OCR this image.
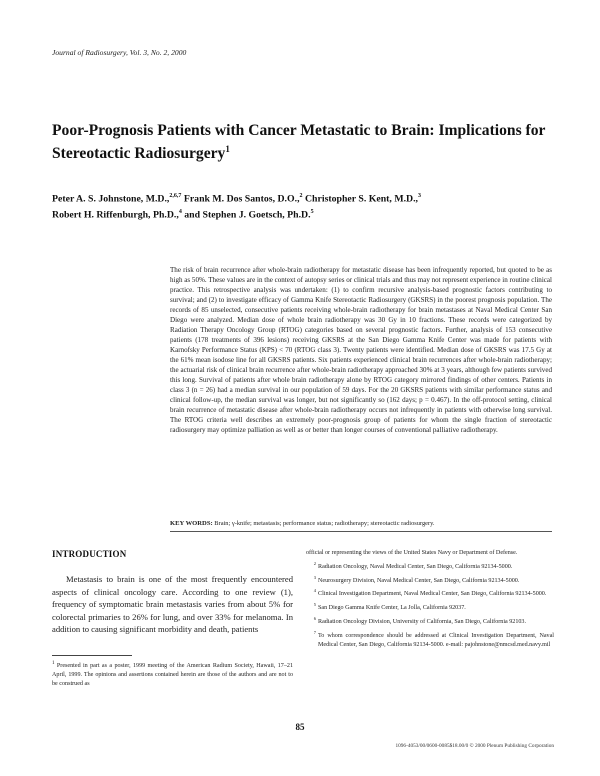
Journal of Radiosurgery, Vol. 3, No. 2, 2000
Poor-Prognosis Patients with Cancer Metastatic to Brain: Implications for Stereotactic Radiosurgery$^1$
Peter A. S. Johnstone, M.D.,$^{2,6,7}$ Frank M. Dos Santos, D.O.,$^2$ Christopher S. Kent, M.D.,$^3$
Robert H. Riffenburgh, Ph.D.,$^4$ and Stephen J. Goetsch, Ph.D.$^5$
The risk of brain recurrence after whole-brain radiotherapy for metastatic disease has been infrequently reported, but quoted to be as high as 50%. These values are in the context of autopsy series or clinical trials and thus may not represent experience in routine clinical practice. This retrospective analysis was undertaken: (1) to confirm recursive analysis-based prognostic factors contributing to survival; and (2) to investigate efficacy of Gamma Knife Stereotactic Radiosurgery (GKSRS) in the poorest prognosis population. The records of 85 unselected, consecutive patients receiving whole-brain radiotherapy for brain metastases at Naval Medical Center San Diego were analyzed. Median dose of whole brain radiotherapy was 30 Gy in 10 fractions. These records were categorized by Radiation Therapy Oncology Group (RTOG) categories based on several prognostic factors. Further, analysis of 153 consecutive patients (178 treatments of 396 lesions) receiving GKSRS at the San Diego Gamma Knife Center was made for patients with Karnofsky Performance Status (KPS) < 70 (RTOG class 3). Twenty patients were identified. Median dose of GKSRS was 17.5 Gy at the 61% mean isodose line for all GKSRS patients. Six patients experienced clinical brain recurrences after whole-brain radiotherapy; the actuarial risk of clinical brain recurrence after whole-brain radiotherapy approached 30% at 3 years, although few patients survived this long. Survival of patients after whole brain radiotherapy alone by RTOG category mirrored findings of other centers. Patients in class 3 (n = 26) had a median survival in our population of 59 days. For the 20 GKSRS patients with similar performance status and clinical follow-up, the median survival was longer, but not significantly so (162 days; p = 0.467). In the off-protocol setting, clinical brain recurrence of metastatic disease after whole-brain radiotherapy occurs not infrequently in patients with otherwise long survival. The RTOG criteria well describes an extremely poor-prognosis group of patients for whom the single fraction of stereotactic radiosurgery may optimize palliation as well as or better than longer courses of conventional palliative radiotherapy.
KEY WORDS: Brain; γ-knife; metastasis; performance status; radiotherapy; stereotactic radiosurgery.
INTRODUCTION
Metastasis to brain is one of the most frequently encountered aspects of clinical oncology care. According to one review (1), frequency of symptomatic brain metastasis varies from about 5% for colorectal primaries to 26% for lung, and over 33% for melanoma. In addition to causing significant morbidity and death, patients
$^1$ Presented in part as a poster, 1999 meeting of the American Radium Society, Hawaii, 17–21 April, 1999. The opinions and assertions contained herein are those of the authors and are not to be construed as
official or representing the views of the United States Navy or Department of Defense.
$^2$Radiation Oncology, Naval Medical Center, San Diego, California 92134-5000.
$^3$Neurosurgery Division, Naval Medical Center, San Diego, California 92134-5000.
$^4$Clinical Investigation Department, Naval Medical Center, San Diego, California 92134-5000.
$^5$San Diego Gamma Knife Center, La Jolla, California 92037.
$^6$Radiation Oncology Division, University of California, San Diego, California 92103.
$^7$To whom correspondence should be addressed at Clinical Investigation Department, Naval Medical Center, San Diego, California 92134-5000. e-mail: pajohnstone@nmcsd.med.navy.mil
85
1096-4053/00/0600-0085$18.00/0 © 2000 Plenum Publishing Corporation
